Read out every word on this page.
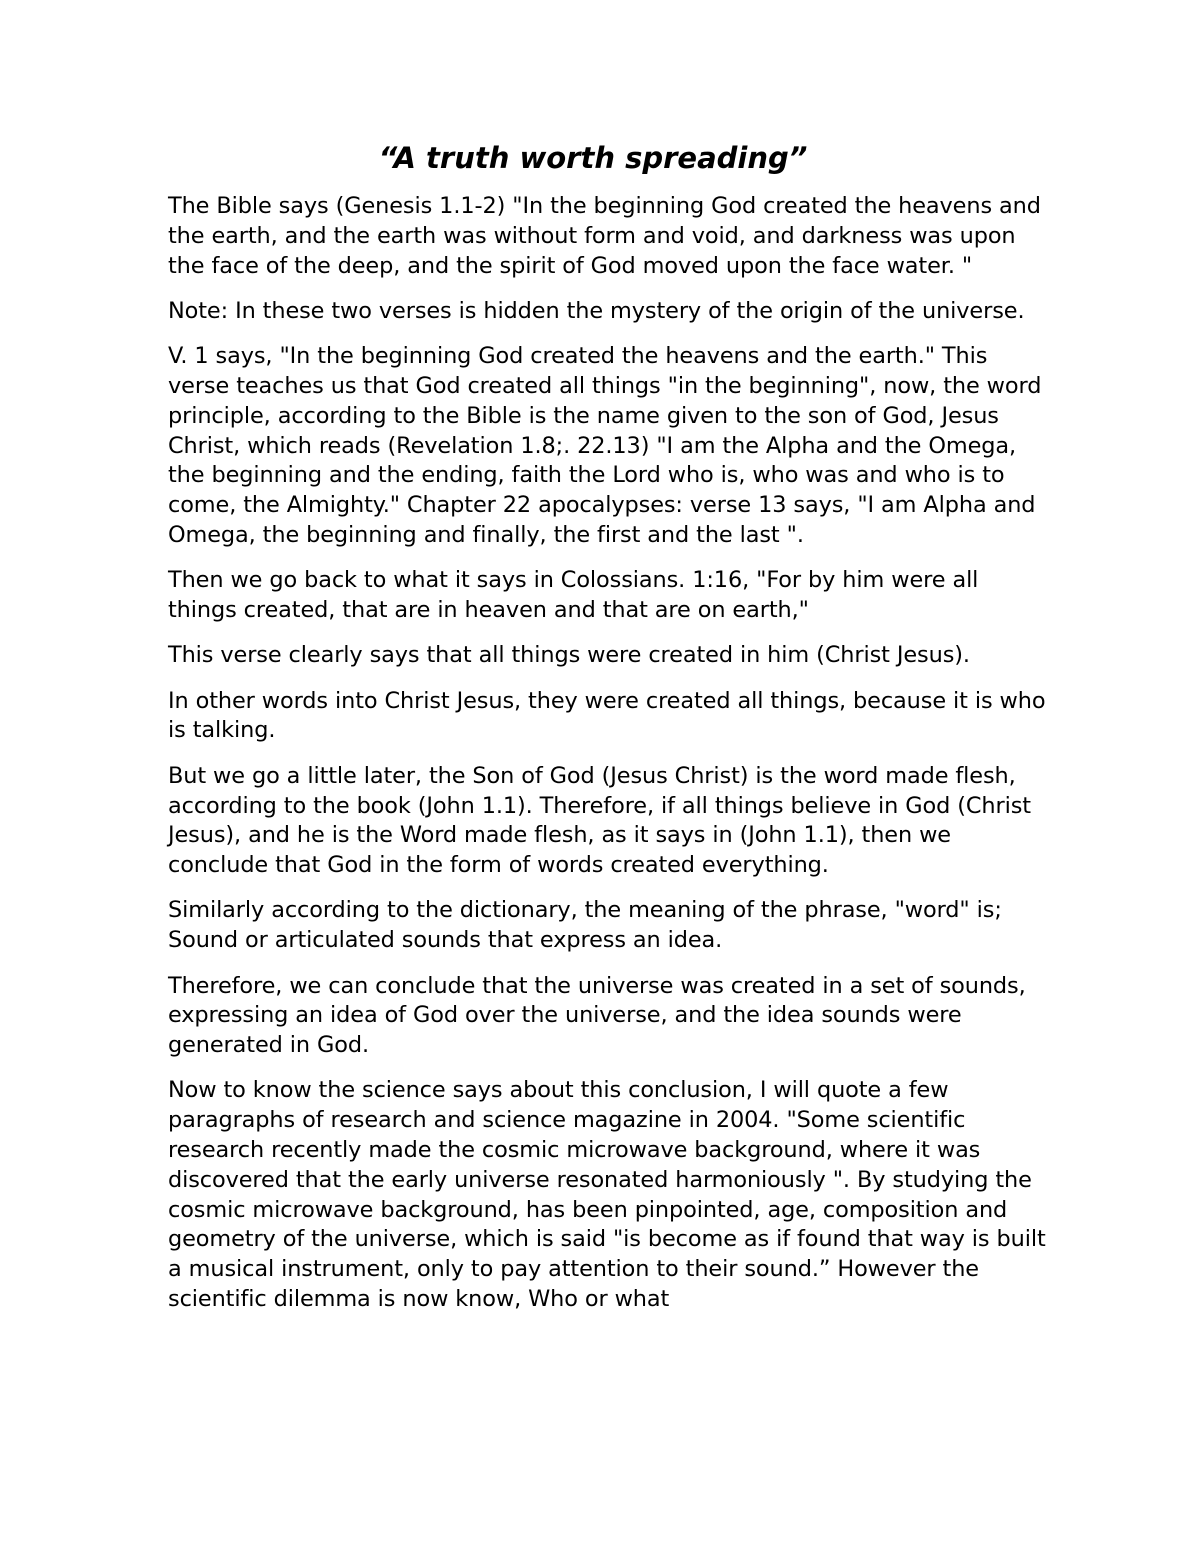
“A truth worth spreading”

The Bible says (Genesis 1.1-2) "In the beginning God created the heavens and the earth, and the earth was without form and void, and darkness was upon the face of the deep, and the spirit of God moved upon the face water. "

Note: In these two verses is hidden the mystery of the origin of the universe.

V. 1 says, "In the beginning God created the heavens and the earth." This verse teaches us that God created all things "in the beginning", now, the word principle, according to the Bible is the name given to the son of God, Jesus Christ, which reads (Revelation 1.8;. 22.13) "I am the Alpha and the Omega, the beginning and the ending, faith the Lord who is, who was and who is to come, the Almighty." Chapter 22 apocalypses: verse 13 says, "I am Alpha and Omega, the beginning and finally, the first and the last ".

Then we go back to what it says in Colossians. 1:16, "For by him were all things created, that are in heaven and that are on earth,"

This verse clearly says that all things were created in him (Christ Jesus).

In other words into Christ Jesus, they were created all things, because it is who is talking.

But we go a little later, the Son of God (Jesus Christ) is the word made flesh, according to the book (John 1.1). Therefore, if all things believe in God (Christ Jesus), and he is the Word made flesh, as it says in (John 1.1), then we conclude that God in the form of words created everything.

Similarly according to the dictionary, the meaning of the phrase, "word" is; Sound or articulated sounds that express an idea.

Therefore, we can conclude that the universe was created in a set of sounds, expressing an idea of God over the universe, and the idea sounds were generated in God.

Now to know the science says about this conclusion, I will quote a few paragraphs of research and science magazine in 2004. "Some scientific research recently made the cosmic microwave background, where it was discovered that the early universe resonated harmoniously ". By studying the cosmic microwave background, has been pinpointed, age, composition and geometry of the universe, which is said "is become as if found that way is built a musical instrument, only to pay attention to their sound.” However the scientific dilemma is now know, Who or what
